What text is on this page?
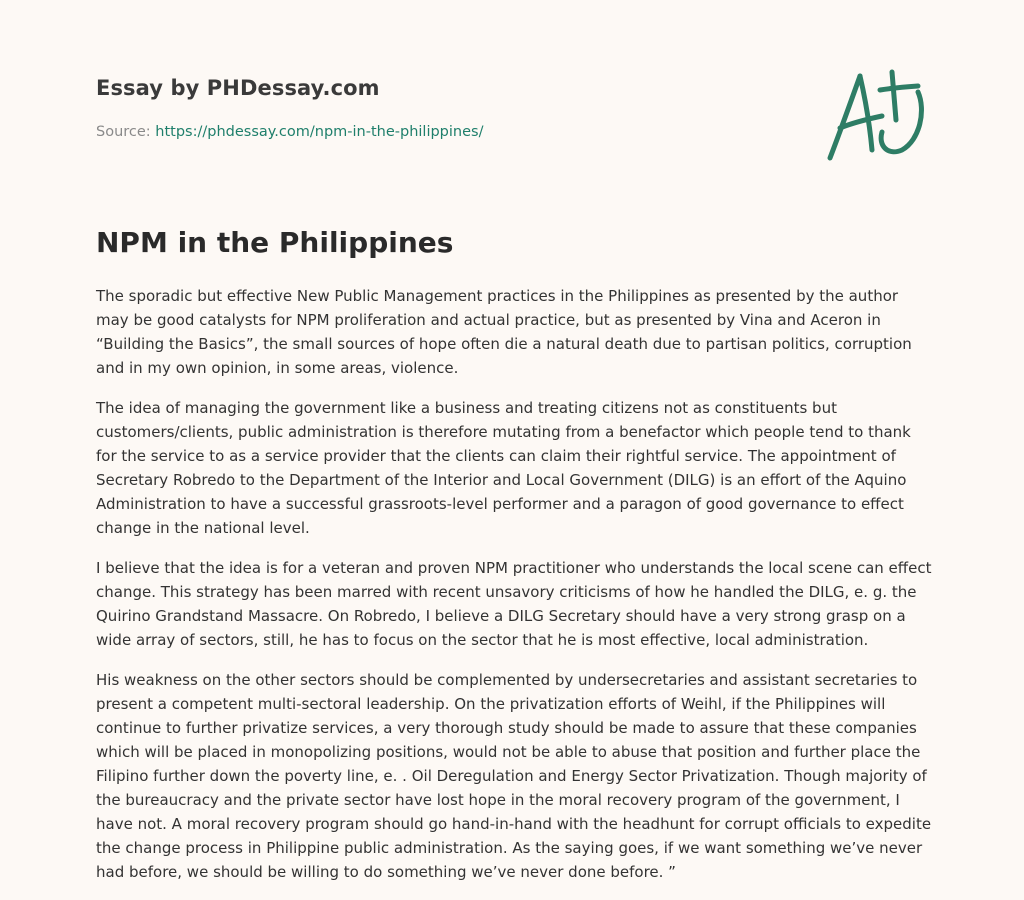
Essay by PHDessay.com
Source: https://phdessay.com/npm-in-the-philippines/
NPM in the Philippines

The sporadic but effective New Public Management practices in the Philippines as presented by the author may be good catalysts for NPM proliferation and actual practice, but as presented by Vina and Aceron in “Building the Basics”, the small sources of hope often die a natural death due to partisan politics, corruption and in my own opinion, in some areas, violence.

The idea of managing the government like a business and treating citizens not as constituents but customers/clients, public administration is therefore mutating from a benefactor which people tend to thank for the service to as a service provider that the clients can claim their rightful service. The appointment of Secretary Robredo to the Department of the Interior and Local Government (DILG) is an effort of the Aquino Administration to have a successful grassroots-level performer and a paragon of good governance to effect change in the national level.

I believe that the idea is for a veteran and proven NPM practitioner who understands the local scene can effect change. This strategy has been marred with recent unsavory criticisms of how he handled the DILG, e. g. the Quirino Grandstand Massacre. On Robredo, I believe a DILG Secretary should have a very strong grasp on a wide array of sectors, still, he has to focus on the sector that he is most effective, local administration.

His weakness on the other sectors should be complemented by undersecretaries and assistant secretaries to present a competent multi-sectoral leadership. On the privatization efforts of Weihl, if the Philippines will continue to further privatize services, a very thorough study should be made to assure that these companies which will be placed in monopolizing positions, would not be able to abuse that position and further place the Filipino further down the poverty line, e. . Oil Deregulation and Energy Sector Privatization. Though majority of the bureaucracy and the private sector have lost hope in the moral recovery program of the government, I have not. A moral recovery program should go hand-in-hand with the headhunt for corrupt officials to expedite the change process in Philippine public administration. As the saying goes, if we want something we’ve never had before, we should be willing to do something we’ve never done before. ”
